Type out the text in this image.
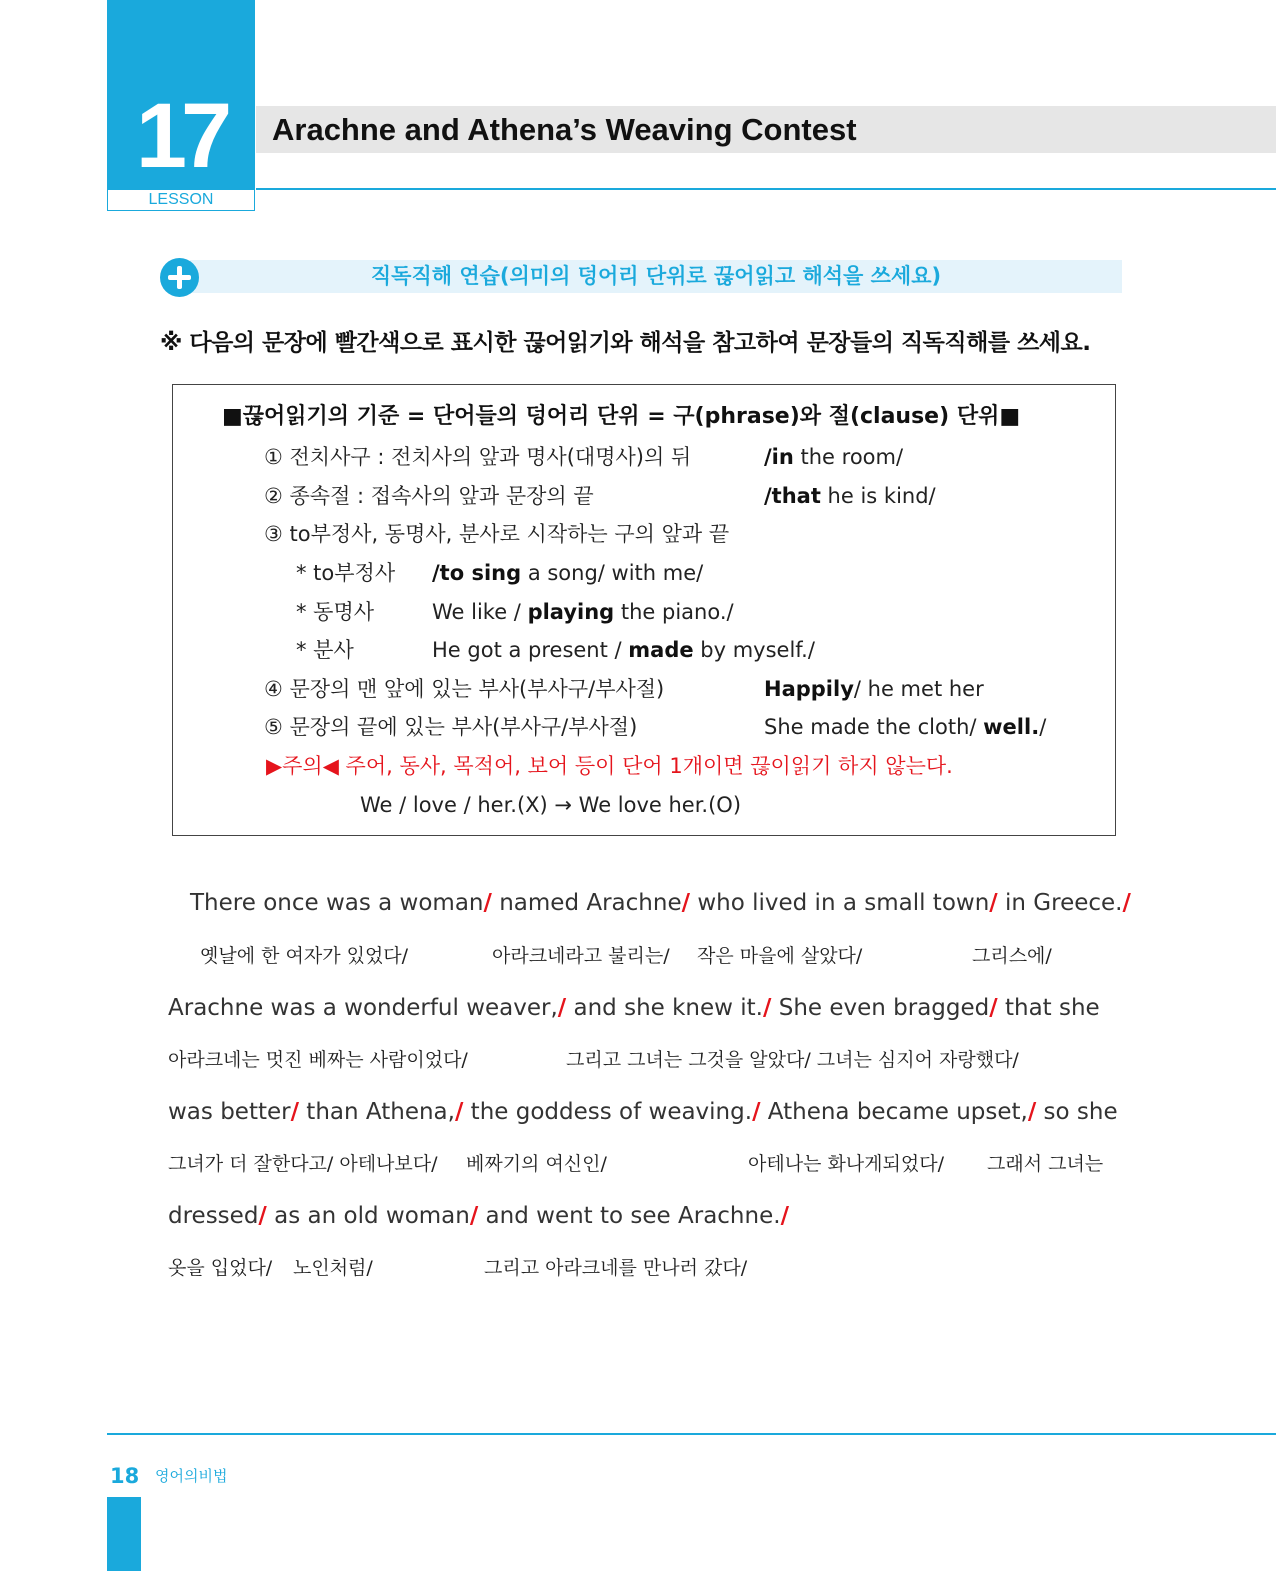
17
LESSON
Arachne and Athena’s Weaving Contest
직독직해 연습(의미의 덩어리 단위로 끊어읽고 해석을 쓰세요)
※ 다음의 문장에 빨간색으로 표시한 끊어읽기와 해석을 참고하여 문장들의 직독직해를 쓰세요.
■끊어읽기의 기준 = 단어들의 덩어리 단위 = 구(phrase)와 절(clause) 단위■
① 전치사구 : 전치사의 앞과 명사(대명사)의 뒤	/in the room/
② 종속절 : 접속사의 앞과 문장의 끝	/that he is kind/
③ to부정사, 동명사, 분사로 시작하는 구의 앞과 끝
* to부정사 /to sing a song/ with me/
* 동명사	We like / playing the piano./
* 분사	He got a present / made by myself./
④ 문장의 맨 앞에 있는 부사(부사구/부사절)	Happily/ he met her
⑤ 문장의 끝에 있는 부사(부사구/부사절)	She made the cloth/ well./
▶주의◀ 주어, 동사, 목적어, 보어 등이 단어 1개이면 끊이읽기 하지 않는다.
We / love / her.(X) → We love her.(O)
There once was a woman/ named Arachne/ who lived in a small town/ in Greece./
옛날에 한 여자가 있었다/	아라크네라고 불리는/ 작은 마을에 살았다/	그리스에/
Arachne was a wonderful weaver,/ and she knew it./ She even bragged/ that she
아라크네는 멋진 베짜는 사람이었다/	그리고 그녀는 그것을 알았다/ 그녀는 심지어 자랑했다/
was better/ than Athena,/ the goddess of weaving./ Athena became upset,/ so she
그녀가 더 잘한다고/ 아테나보다/ 베짜기의 여신인/	아테나는 화나게되었다/ 그래서 그녀는
dressed/ as an old woman/ and went to see Arachne./
옷을 입었다/ 노인처럼/	그리고 아라크네를 만나러 갔다/
18 영어의비법
